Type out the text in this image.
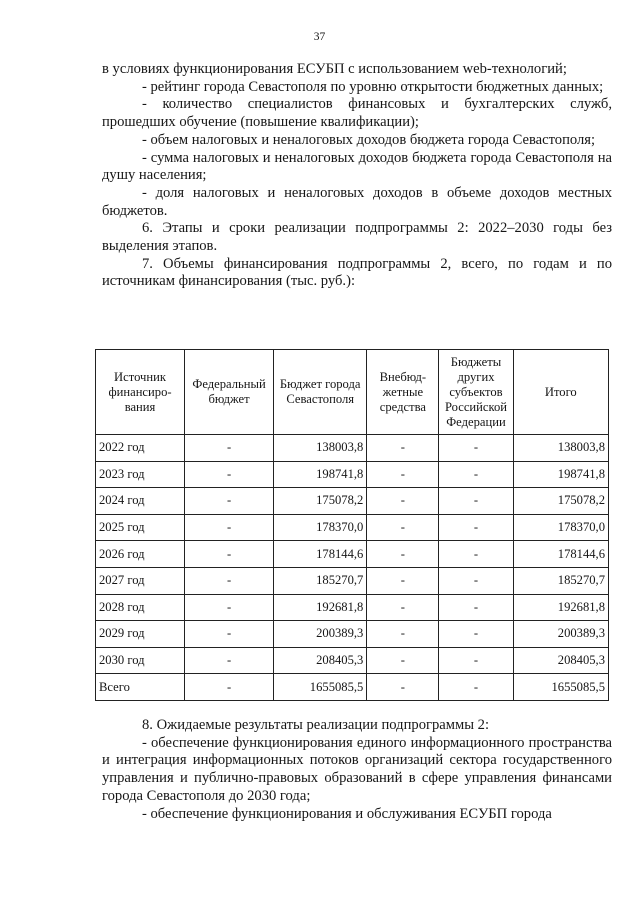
37

в условиях функционирования ЕСУБП с использованием web-технологий;

- рейтинг города Севастополя по уровню открытости бюджетных данных;

- количество специалистов финансовых и бухгалтерских служб, прошедших обучение (повышение квалификации);

- объем налоговых и неналоговых доходов бюджета города Севастополя;

- сумма налоговых и неналоговых доходов бюджета города Севастополя на душу населения;

- доля налоговых и неналоговых доходов в объеме доходов местных бюджетов.

6. Этапы и сроки реализации подпрограммы 2: 2022–2030 годы без выделения этапов.

7. Объемы финансирования подпрограммы 2, всего, по годам и по источникам финансирования (тыс. руб.):

Источник финансиро-вания	Федеральный бюджет	Бюджет города Севастополя	Внебюд-жетные средства	Бюджеты других субъектов Российской Федерации	Итого
2022 год	-	138003,8	-	-	138003,8
2023 год	-	198741,8	-	-	198741,8
2024 год	-	175078,2	-	-	175078,2
2025 год	-	178370,0	-	-	178370,0
2026 год	-	178144,6	-	-	178144,6
2027 год	-	185270,7	-	-	185270,7
2028 год	-	192681,8	-	-	192681,8
2029 год	-	200389,3	-	-	200389,3
2030 год	-	208405,3	-	-	208405,3
Всего	-	1655085,5	-	-	1655085,5

8. Ожидаемые результаты реализации подпрограммы 2:

- обеспечение функционирования единого информационного пространства и интеграция информационных потоков организаций сектора государственного управления и публично-правовых образований в сфере управления финансами города Севастополя до 2030 года;

- обеспечение функционирования и обслуживания ЕСУБП города
